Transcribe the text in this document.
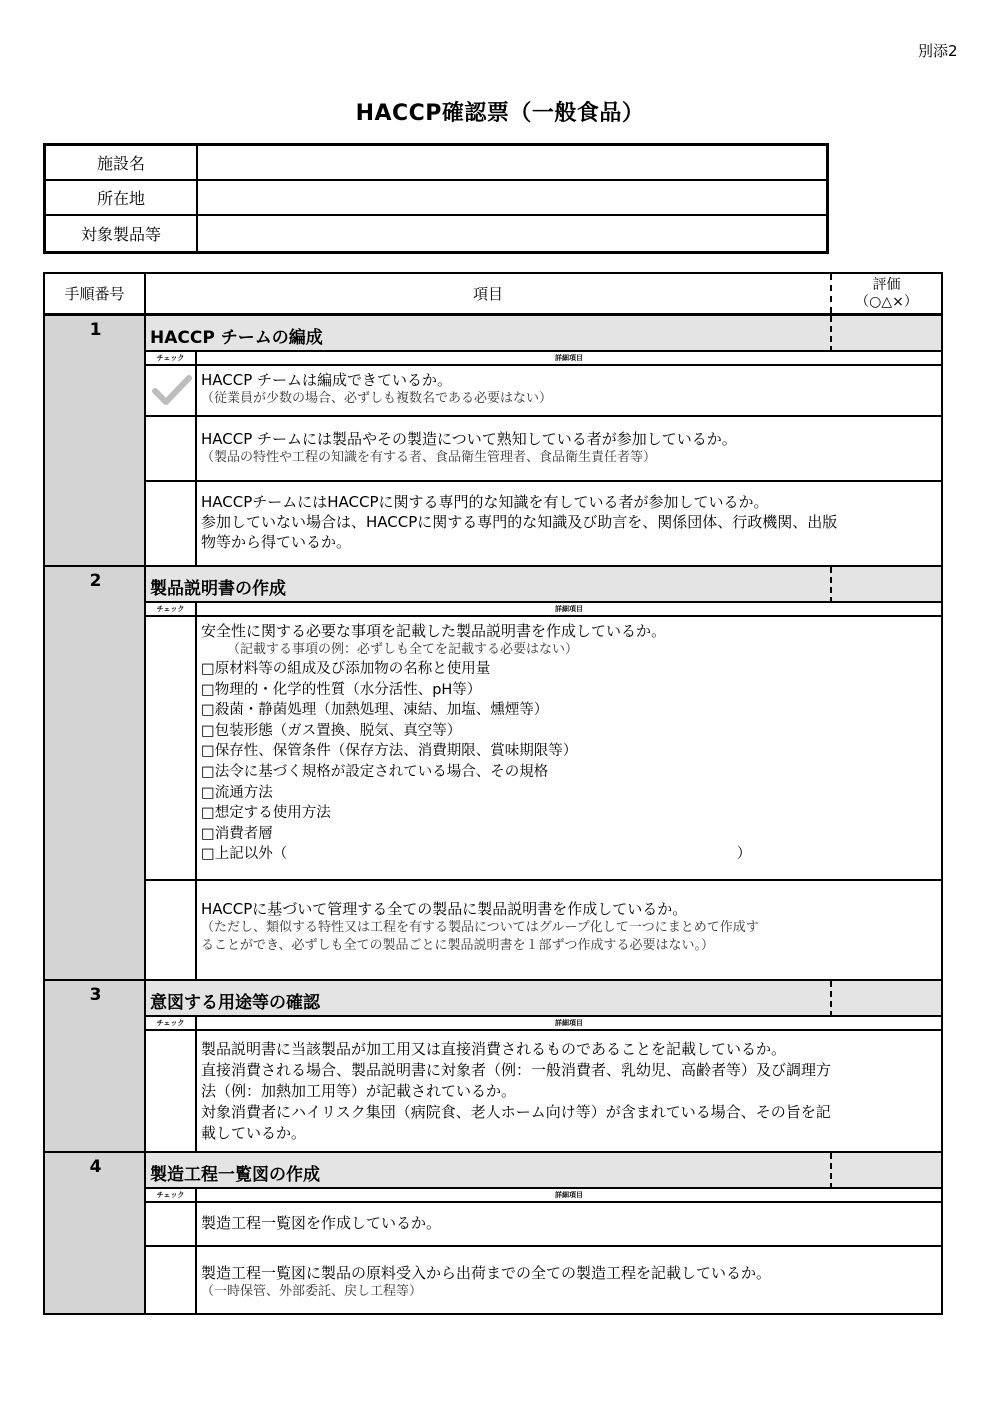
別添2
HACCP確認票（一般食品）
施設名
所在地
対象製品等
手順番号	項目
評価
（○△×）
1	HACCP チームの編成
チェック	詳細項目
HACCP チームは編成できているか。
（従業員が少数の場合、必ずしも複数名である必要はない）
HACCP チームには製品やその製造について熟知している者が参加しているか。
（製品の特性や工程の知識を有する者、食品衛生管理者、食品衛生責任者等）
HACCPチームにはHACCPに関する専門的な知識を有している者が参加しているか。
参加していない場合は、HACCPに関する専門的な知識及び助言を、関係団体、行政機関、出版
物等から得ているか。
2	製品説明書の作成
チェック	詳細項目
安全性に関する必要な事項を記載した製品説明書を作成しているか。
（記載する事項の例：必ずしも全てを記載する必要はない）
□原材料等の組成及び添加物の名称と使用量
□物理的・化学的性質（水分活性、pH等）
□殺菌・静菌処理（加熱処理、凍結、加塩、燻煙等）
□包装形態（ガス置換、脱気、真空等）
□保存性、保管条件（保存方法、消費期限、賞味期限等）
□法令に基づく規格が設定されている場合、その規格
□流通方法
□想定する使用方法
□消費者層
□上記以外（　　　　　　　　　　　　　　　　　　　　　　　　　　　　　　　）
HACCPに基づいて管理する全ての製品に製品説明書を作成しているか。
（ただし、類似する特性又は工程を有する製品についてはグループ化して一つにまとめて作成す
ることができ、必ずしも全ての製品ごとに製品説明書を１部ずつ作成する必要はない。）
3	意図する用途等の確認
チェック	詳細項目
製品説明書に当該製品が加工用又は直接消費されるものであることを記載しているか。
直接消費される場合、製品説明書に対象者（例：一般消費者、乳幼児、高齢者等）及び調理方
法（例：加熱加工用等）が記載されているか。
対象消費者にハイリスク集団（病院食、老人ホーム向け等）が含まれている場合、その旨を記
載しているか。
4	製造工程一覧図の作成
チェック	詳細項目
製造工程一覧図を作成しているか。
製造工程一覧図に製品の原料受入から出荷までの全ての製造工程を記載しているか。
（一時保管、外部委託、戻し工程等）
